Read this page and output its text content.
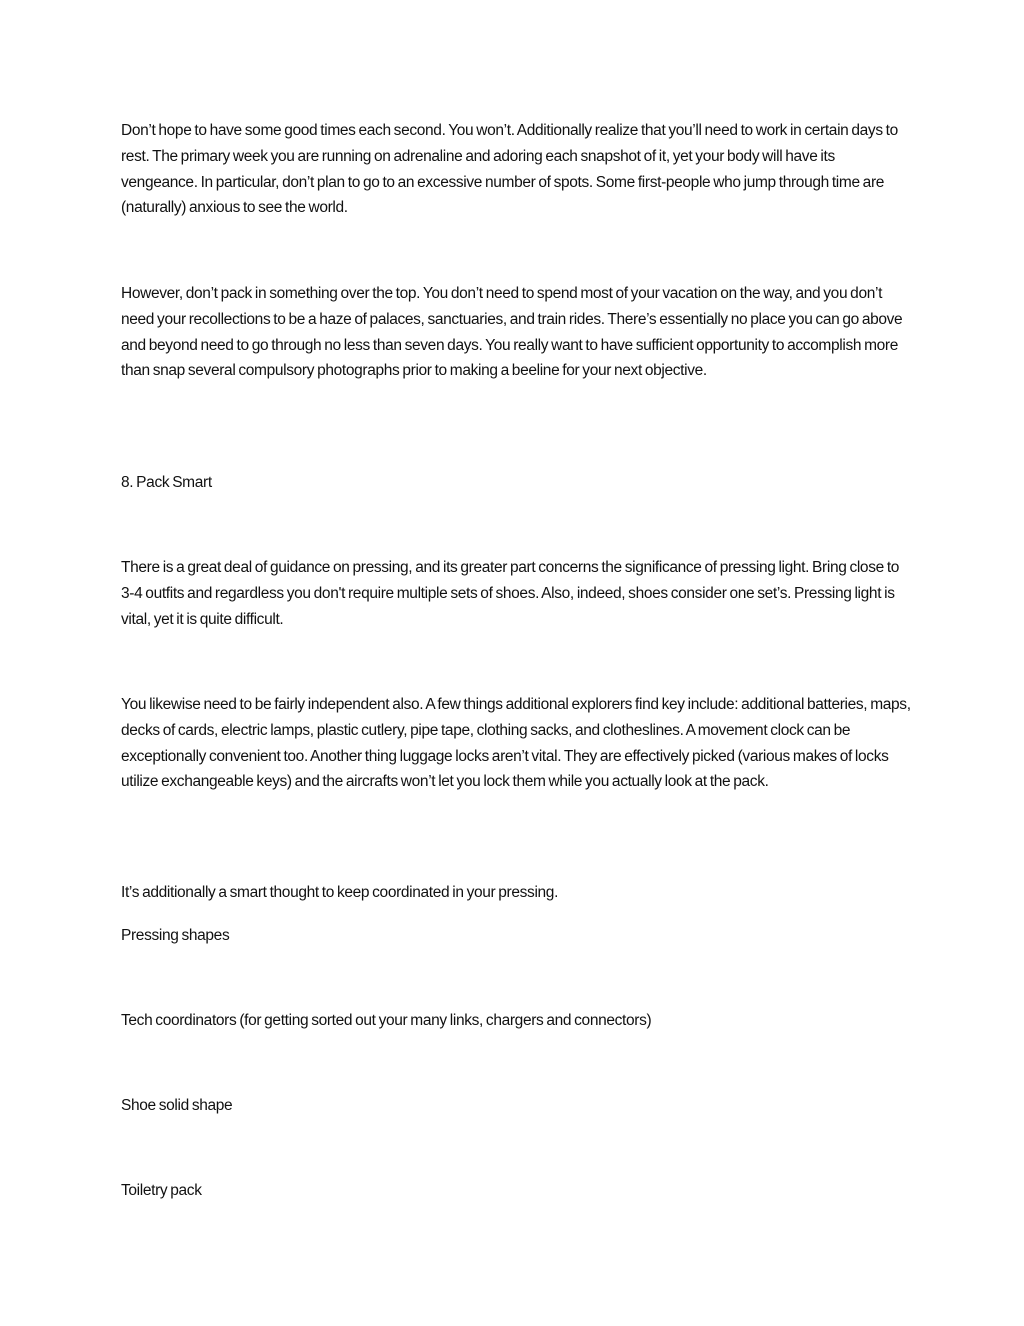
Don’t hope to have some good times each second. You won’t. Additionally realize that you’ll need to work in certain days to rest. The primary week you are running on adrenaline and adoring each snapshot of it, yet your body will have its vengeance. In particular, don’t plan to go to an excessive number of spots. Some first-people who jump through time are (naturally) anxious to see the world.

However, don’t pack in something over the top. You don’t need to spend most of your vacation on the way, and you don’t need your recollections to be a haze of palaces, sanctuaries, and train rides. There’s essentially no place you can go above and beyond need to go through no less than seven days. You really want to have sufficient opportunity to accomplish more than snap several compulsory photographs prior to making a beeline for your next objective.

8. Pack Smart

There is a great deal of guidance on pressing, and its greater part concerns the significance of pressing light. Bring close to 3-4 outfits and regardless you don't require multiple sets of shoes. Also, indeed, shoes consider one set’s. Pressing light is vital, yet it is quite difficult.

You likewise need to be fairly independent also. A few things additional explorers find key include: additional batteries, maps, decks of cards, electric lamps, plastic cutlery, pipe tape, clothing sacks, and clotheslines. A movement clock can be exceptionally convenient too. Another thing luggage locks aren’t vital. They are effectively picked (various makes of locks utilize exchangeable keys) and the aircrafts won’t let you lock them while you actually look at the pack.

It’s additionally a smart thought to keep coordinated in your pressing.

Pressing shapes

Tech coordinators (for getting sorted out your many links, chargers and connectors)

Shoe solid shape

Toiletry pack
